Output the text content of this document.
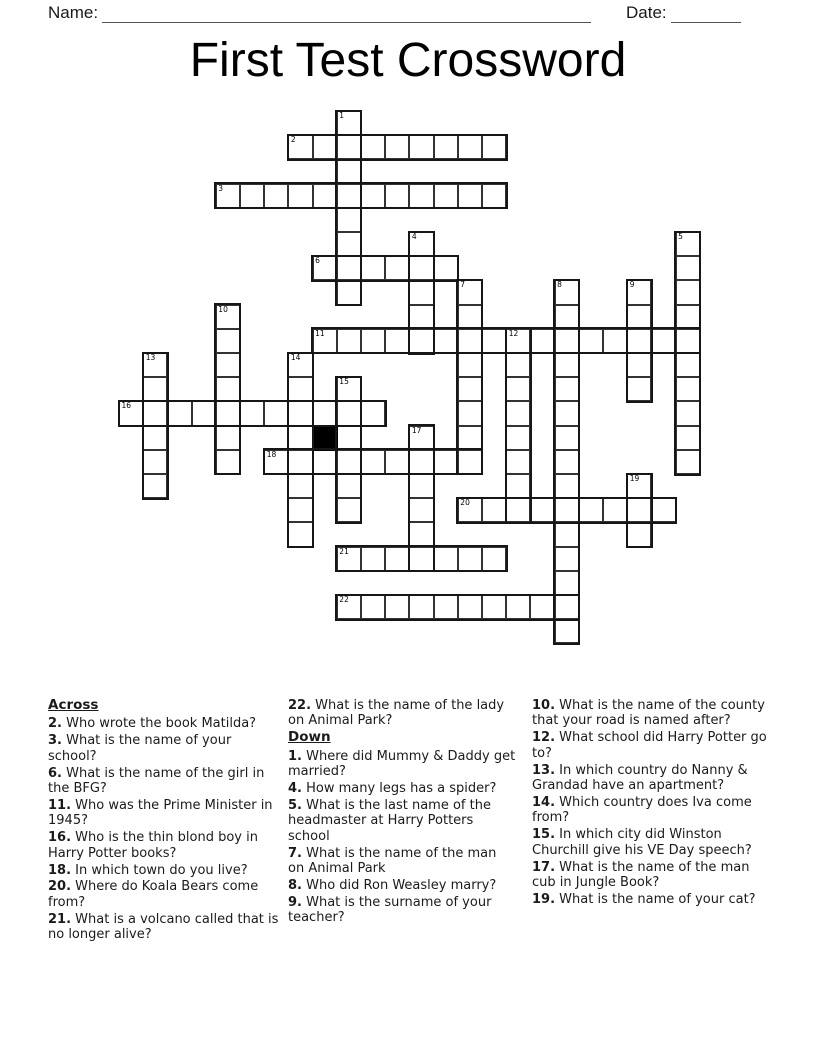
Name:	Date:
First Test Crossword
1
2
3
4	5
6
7	8	9
10
11	12
13	14
15
16
17
18
19
20
21
22
Across

2. Who wrote the book Matilda?

3. What is the name of your school?

6. What is the name of the girl in the BFG?

11. Who was the Prime Minister in 1945?

16. Who is the thin blond boy in Harry Potter books?

18. In which town do you live?

20. Where do Koala Bears come from?

21. What is a volcano called that is no longer alive?

22. What is the name of the lady on Animal Park?

Down

1. Where did Mummy & Daddy get married?

4. How many legs has a spider?

5. What is the last name of the headmaster at Harry Potters school

7. What is the name of the man on Animal Park

8. Who did Ron Weasley marry?

9. What is the surname of your teacher?

10. What is the name of the county that your road is named after?

12. What school did Harry Potter go to?

13. In which country do Nanny & Grandad have an apartment?

14. Which country does Iva come from?

15. In which city did Winston Churchill give his VE Day speech?

17. What is the name of the man cub in Jungle Book?

19. What is the name of your cat?
